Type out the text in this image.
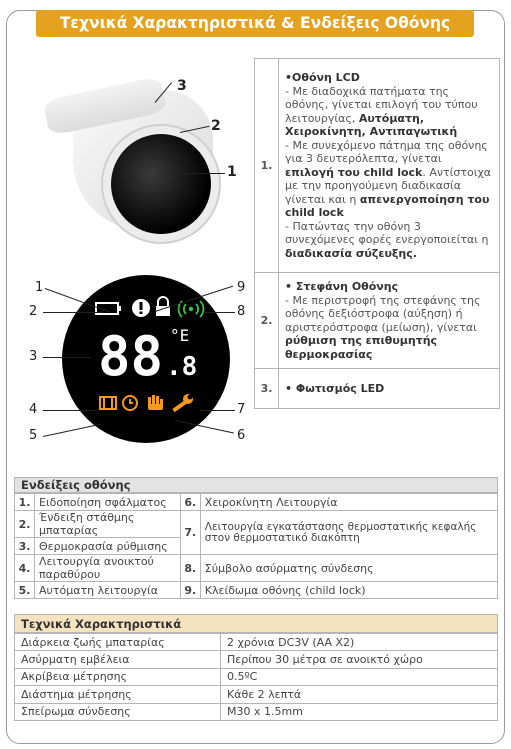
Τεχνικά Χαρακτηριστικά & Ενδείξεις Οθόνης
3
2
1
88 °E
.8
1
2
3
4
5	6
7
8
9
1.	•Οθόνη LCD
- Με διαδοχικά πατήματα της οθόνης, γίνεται επιλογή του τύπου λειτουργίας, Αυτόματη, Χειροκίνητη, Αντιπαγωτική
- Με συνεχόμενο πάτημα της οθόνης για 3 δευτερόλεπτα, γίνεται επιλογή του child lock. Αντίστοιχα με την προηγούμενη διαδικασία γίνεται και η απενεργοποίηση του child lock
- Πατώντας την οθόνη 3 συνεχόμενες φορές ενεργοποιείται η διαδικασία σύζευξης.

2.	• Στεφάνη Οθόνης
- Με περιστροφή της στεφάνης της οθόνης δεξιόστροφα (αύξηση) ή αριστερόστροφα (μείωση), γίνεται ρύθμιση της επιθυμητής θερμοκρασίας

3.	• Φωτισμός LED
Ενδείξεις οθόνης
1.	Ειδοποίηση σφάλματος	6.	Χειροκίνητη Λειτουργία
2.	Ένδειξη στάθμης μπαταρίας	7.	Λειτουργία εγκατάστασης θερμοστατικής κεφαλής στον θερμοστατικό διακόπτη
3.	Θερμοκρασία ρύθμισης		
4.	Λειτουργία ανοικτού παραθύρου	8.	Σύμβολο ασύρματης σύνδεσης
5.	Αυτόματη λειτουργία	9.	Κλείδωμα οθόνης (child lock)
Τεχνικά Χαρακτηριστικά
Διάρκεια ζωής μπαταρίας	2 χρόνια DC3V (AA X2)
Ασύρματη εμβέλεια	Περίπου 30 μέτρα σε ανοικτό χώρο
Ακρίβεια μέτρησης	0.5ºC
Διάστημα μέτρησης	Κάθε 2 λεπτά
Σπείρωμα σύνδεσης	M30 x 1.5mm
